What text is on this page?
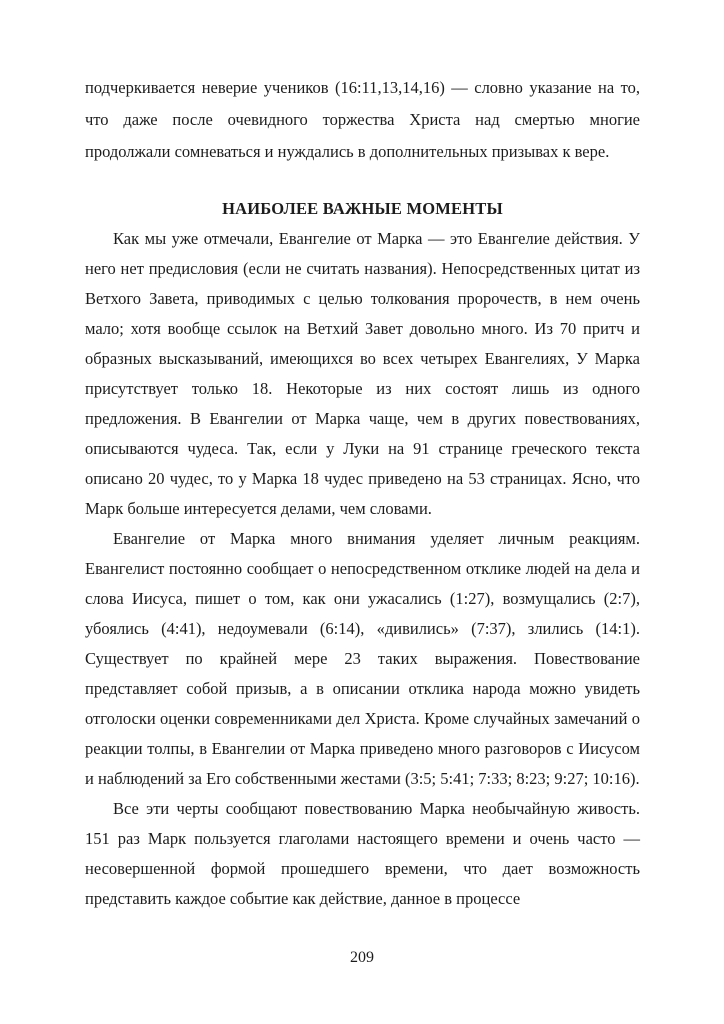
подчеркивается неверие учеников (16:11,13,14,16) — словно указание на то, что даже после очевидного торжества Христа над смертью многие продолжали сомневаться и нуждались в дополнительных призывах к вере.

НАИБОЛЕЕ ВАЖНЫЕ МОМЕНТЫ

Как мы уже отмечали, Евангелие от Марка — это Евангелие действия. У него нет предисловия (если не считать названия). Непосредственных цитат из Ветхого Завета, приводимых с целью толкования пророчеств, в нем очень мало; хотя вообще ссылок на Ветхий Завет довольно много. Из 70 притч и образных высказываний, имеющихся во всех четырех Евангелиях, У Марка присутствует только 18. Некоторые из них состоят лишь из одного предложения. В Евангелии от Марка чаще, чем в других повествованиях, описываются чудеса. Так, если у Луки на 91 странице греческого текста описано 20 чудес, то у Марка 18 чудес приведено на 53 страницах. Ясно, что Марк больше интересуется делами, чем словами.

Евангелие от Марка много внимания уделяет личным реакциям. Евангелист постоянно сообщает о непосредственном отклике людей на дела и слова Иисуса, пишет о том, как они ужасались (1:27), возмущались (2:7), убоялись (4:41), недоумевали (6:14), «дивились» (7:37), злились (14:1). Существует по крайней мере 23 таких выражения. Повествование представляет собой призыв, а в описании отклика народа можно увидеть отголоски оценки современниками дел Христа. Кроме случайных замечаний о реакции толпы, в Евангелии от Марка приведено много разговоров с Иисусом и наблюдений за Его собственными жестами (3:5; 5:41; 7:33; 8:23; 9:27; 10:16).

Все эти черты сообщают повествованию Марка необычайную живость. 151 раз Марк пользуется глаголами настоящего времени и очень часто — несовершенной формой прошедшего времени, что дает возможность представить каждое событие как действие, данное в процессе

209
